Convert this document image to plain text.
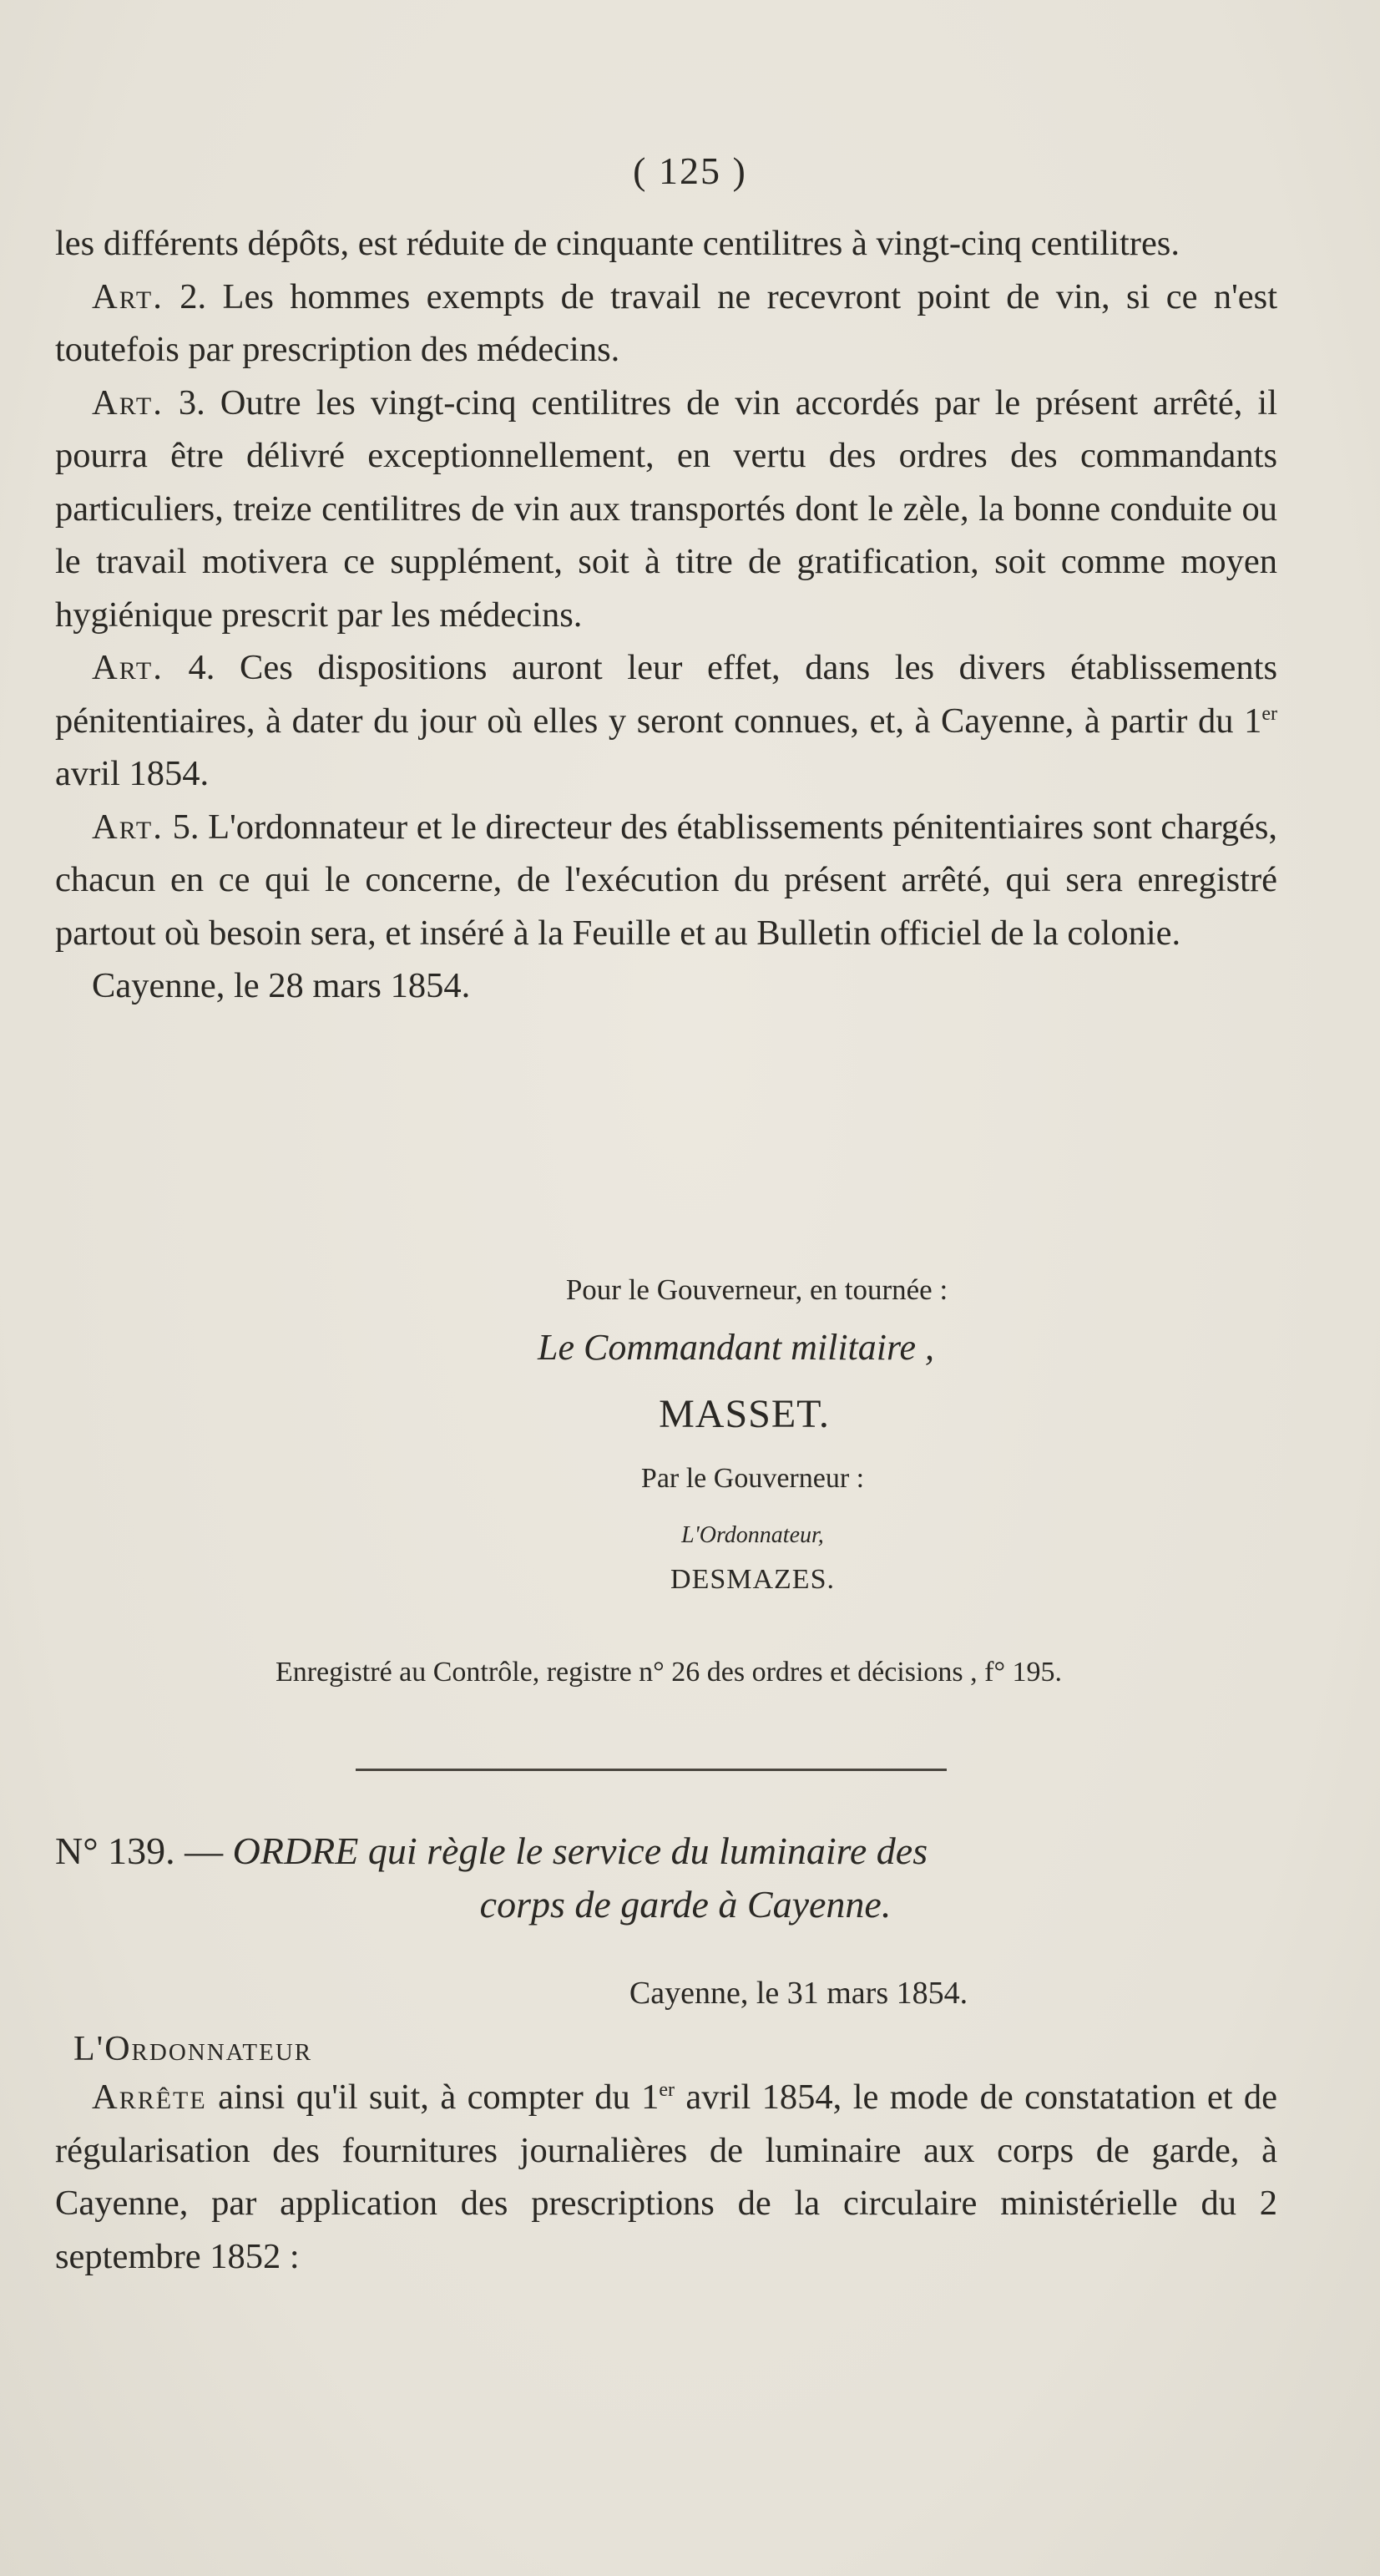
( 125 )

les différents dépôts, est réduite de cinquante centilitres à vingt-cinq centilitres.

Art. 2. Les hommes exempts de travail ne recevront point de vin, si ce n'est toutefois par prescription des médecins.

Art. 3. Outre les vingt-cinq centilitres de vin accordés par le présent arrêté, il pourra être délivré exceptionnellement, en vertu des ordres des commandants particuliers, treize centilitres de vin aux transportés dont le zèle, la bonne conduite ou le travail motivera ce supplément, soit à titre de gratification, soit comme moyen hygiénique prescrit par les médecins.

Art. 4. Ces dispositions auront leur effet, dans les divers établissements pénitentiaires, à dater du jour où elles y seront connues, et, à Cayenne, à partir du 1er avril 1854.

Art. 5. L'ordonnateur et le directeur des établissements pénitentiaires sont chargés, chacun en ce qui le concerne, de l'exécution du présent arrêté, qui sera enregistré partout où besoin sera, et inséré à la Feuille et au Bulletin officiel de la colonie.

Cayenne, le 28 mars 1854.

Pour le Gouverneur, en tournée :
Le Commandant militaire ,
MASSET.
Par le Gouverneur :
L'Ordonnateur,
DESMAZES.
Enregistré au Contrôle, registre n° 26 des ordres et décisions , f° 195.
N° 139. — ORDRE qui règle le service du luminaire des
corps de garde à Cayenne.
Cayenne, le 31 mars 1854.
L'Ordonnateur

Arrête ainsi qu'il suit, à compter du 1er avril 1854, le mode de constatation et de régularisation des fournitures journalières de luminaire aux corps de garde, à Cayenne, par application des prescriptions de la circulaire ministérielle du 2 septembre 1852 :
